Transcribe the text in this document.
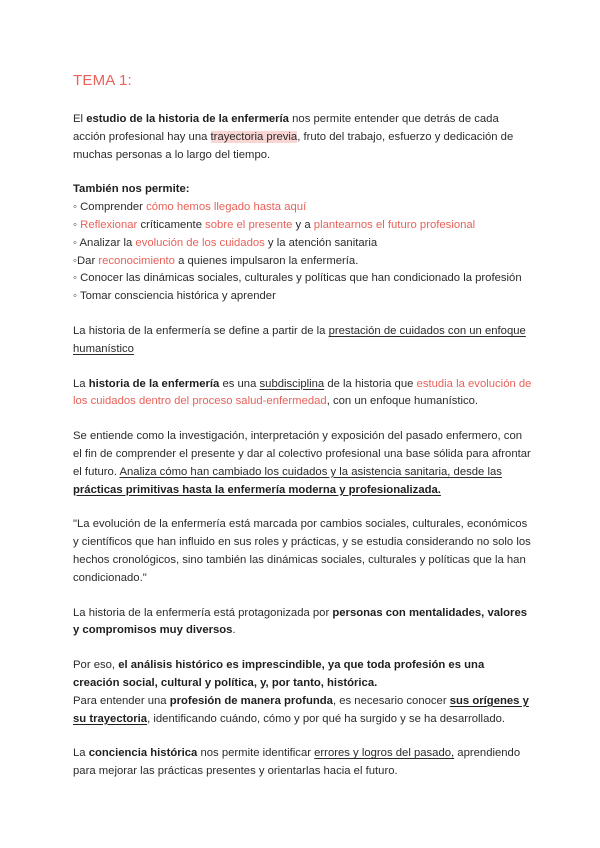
TEMA 1:

El estudio de la historia de la enfermería nos permite entender que detrás de cada acción profesional hay una trayectoria previa, fruto del trabajo, esfuerzo y dedicación de muchas personas a lo largo del tiempo.

También nos permite:

◦ Comprender cómo hemos llegado hasta aquí

◦ Reflexionar críticamente sobre el presente y a plantearnos el futuro profesional

◦ Analizar la evolución de los cuidados y la atención sanitaria

◦Dar reconocimiento a quienes impulsaron la enfermería.

◦ Conocer las dinámicas sociales, culturales y políticas que han condicionado la profesión

◦ Tomar consciencia histórica y aprender

La historia de la enfermería se define a partir de la prestación de cuidados con un enfoque humanístico

La historia de la enfermería es una subdisciplina de la historia que estudia la evolución de los cuidados dentro del proceso salud-enfermedad, con un enfoque humanístico.

Se entiende como la investigación, interpretación y exposición del pasado enfermero, con el fin de comprender el presente y dar al colectivo profesional una base sólida para afrontar el futuro. Analiza cómo han cambiado los cuidados y la asistencia sanitaria, desde las prácticas primitivas hasta la enfermería moderna y profesionalizada.

"La evolución de la enfermería está marcada por cambios sociales, culturales, económicos y científicos que han influido en sus roles y prácticas, y se estudia considerando no solo los hechos cronológicos, sino también las dinámicas sociales, culturales y políticas que la han condicionado."

La historia de la enfermería está protagonizada por personas con mentalidades, valores y compromisos muy diversos.

Por eso, el análisis histórico es imprescindible, ya que toda profesión es una creación social, cultural y política, y, por tanto, histórica.

Para entender una profesión de manera profunda, es necesario conocer sus orígenes y su trayectoria, identificando cuándo, cómo y por qué ha surgido y se ha desarrollado.

La conciencia histórica nos permite identificar errores y logros del pasado, aprendiendo para mejorar las prácticas presentes y orientarlas hacia el futuro.
